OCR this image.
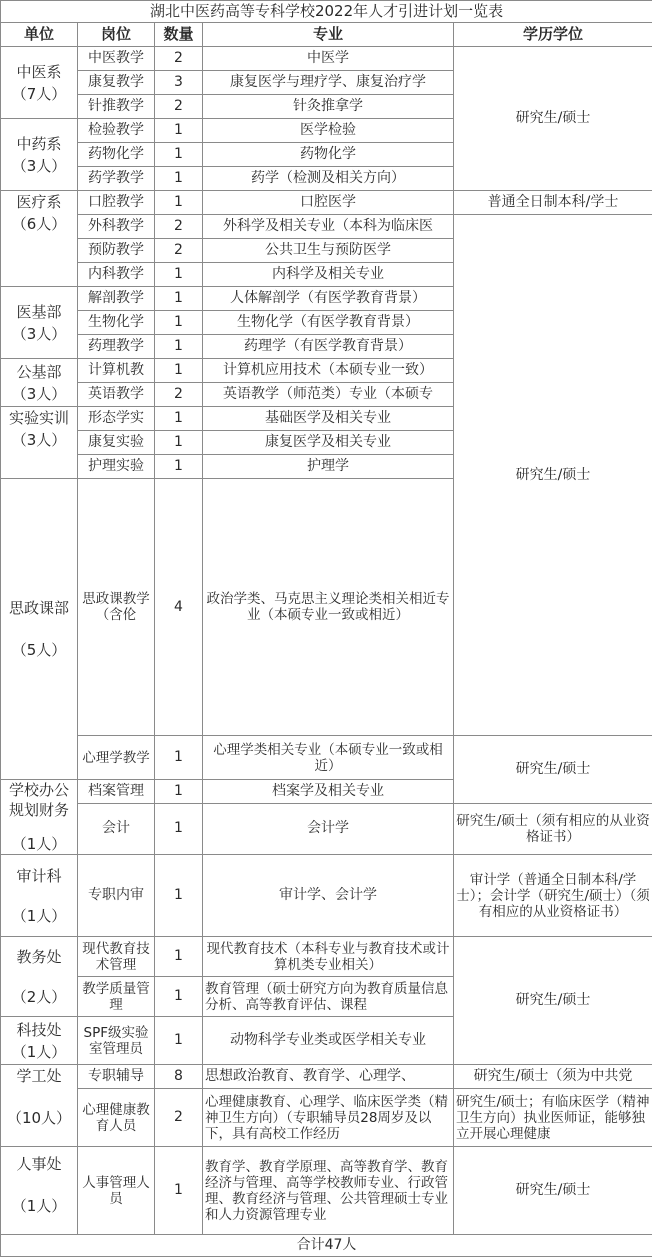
湖北中医药高等专科学校2022年人才引进计划一览表					
单位	岗位	数量	专业	学历学位	

中医系
（7人）	中医教学	2	中医学	研究生/硕士	
	康复教学	3	康复医学与理疗学、康复治疗学		
	针推教学	2	针灸推拿学		

中药系
（3人）	检验教学	1	医学检验		
	药物化学	1	药物化学		
	药学教学	1	药学（检测及相关方向）		

医疗系
（6人）	口腔教学	1	口腔医学	普通全日制本科/学士	
	外科教学	2	外科学及相关专业（本科为临床医	研究生/硕士	
	预防教学	2	公共卫生与预防医学		
	内科教学	1	内科学及相关专业		

医基部
（3人）	解剖教学	1	人体解剖学（有医学教育背景）		
	生物化学	1	生物化学（有医学教育背景）		
	药理教学	1	药理学（有医学教育背景）		

公基部
（3人）	计算机教	1	计算机应用技术（本硕专业一致）		
	英语教学	2	英语教学（师范类）专业（本硕专		

实验实训
（3人）	形态学实	1	基础医学及相关专业		
	康复实验	1	康复医学及相关专业		
	护理实验	1	护理学		

思政课部
（5人）	思政课教学（含伦	4	政治学类、马克思主义理论类相关相近专业（本硕专业一致或相近）	
	心理学教学	1	心理学类相关专业（本硕专业一致或相近）	研究生/硕士	

学校办公
规划财务
（1人）	档案管理	1	档案学及相关专业		
	会计	1	会计学	研究生/硕士（须有相应的从业资格证书）	

审计科
（1人）	专职内审	1	审计学、会计学	审计学（普通全日制本科/学士）；会计学（研究生/硕士）（须有相应的从业资格证书）	

教务处
（2人）	现代教育技术管理	1	现代教育技术（本科专业与教育技术或计算机类专业相关）	研究生/硕士	
	教学质量管理	1	教育管理（硕士研究方向为教育质量信息分析、高等教育评估、课程		

科技处
（1人）	SPF级实验室管理员	1	动物科学专业类或医学相关专业		

学工处
（10人）	专职辅导	8	思想政治教育、教育学、心理学、	研究生/硕士（须为中共党	
	心理健康教育人员	2	心理健康教育、心理学、临床医学类（精神卫生方向）（专职辅导员28周岁及以下，具有高校工作经历	研究生/硕士；有临床医学（精神卫生方向）执业医师证，能够独立开展心理健康	

人事处
（1人）	人事管理人员	1	教育学、教育学原理、高等教育学、教育经济与管理、高等学校教师专业、行政管理、教育经济与管理、公共管理硕士专业和人力资源管理专业	研究生/硕士	
合计47人					
